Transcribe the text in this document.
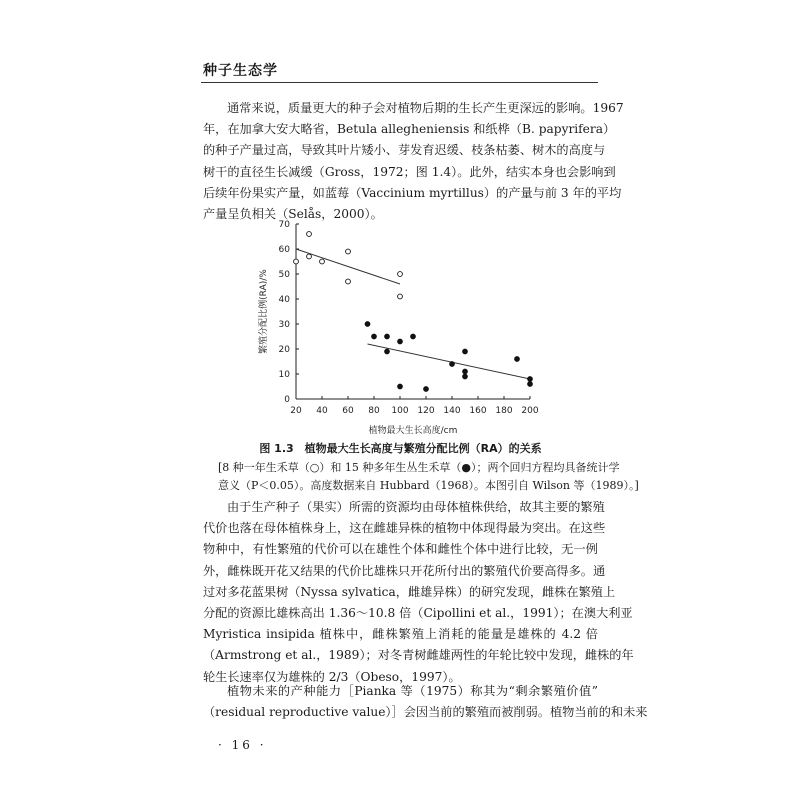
种子生态学
通常来说，质量更大的种子会对植物后期的生长产生更深远的影响。1967
年，在加拿大安大略省，Betula allegheniensis 和纸桦（B. papyrifera）
的种子产量过高，导致其叶片矮小、芽发育迟缓、枝条枯萎、树木的高度与
树干的直径生长减缓（Gross，1972；图 1.4）。此外，结实本身也会影响到
后续年份果实产量，如蓝莓（Vaccinium myrtillus）的产量与前 3 年的平均
产量呈负相关（Selås，2000）。
20 40 60 80 100 120 140 160 180 200
0
10
20
30
40
50
60
70
植物最大生长高度/cm
繁殖分配比例(RA)/%
图 1.3　植物最大生长高度与繁殖分配比例（RA）的关系
[8 种一年生禾草（○）和 15 种多年生丛生禾草（●）；两个回归方程均具备统计学
意义（P＜0.05）。高度数据来自 Hubbard（1968）。本图引自 Wilson 等（1989）。]
由于生产种子（果实）所需的资源均由母体植株供给，故其主要的繁殖
代价也落在母体植株身上，这在雌雄异株的植物中体现得最为突出。在这些
物种中，有性繁殖的代价可以在雄性个体和雌性个体中进行比较，无一例
外，雌株既开花又结果的代价比雄株只开花所付出的繁殖代价要高得多。通
过对多花蓝果树（Nyssa sylvatica，雌雄异株）的研究发现，雌株在繁殖上
分配的资源比雄株高出 1.36～10.8 倍（Cipollini et al.，1991）；在澳大利亚
Myristica insipida 植株中，雌株繁殖上消耗的能量是雄株的 4.2 倍
（Armstrong et al.，1989）；对冬青树雌雄两性的年轮比较中发现，雌株的年
轮生长速率仅为雄株的 2/3（Obeso，1997）。
植物未来的产种能力［Pianka 等（1975）称其为“剩余繁殖价值”
（residual reproductive value）］会因当前的繁殖而被削弱。植物当前的和未来
· 16 ·
